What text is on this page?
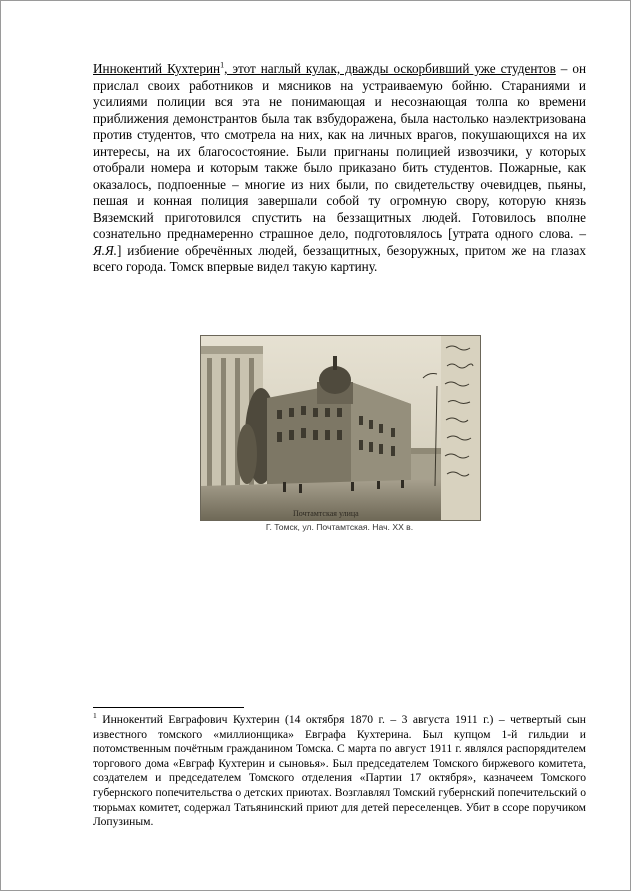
Иннокентий Кухтерин$^1$, этот наглый кулак, дважды оскорбивший уже студентов – он прислал своих работников и мясников на устраиваемую бойню. Стараниями и усилиями полиции вся эта не понимающая и несознающая толпа ко времени приближения демонстрантов была так взбудоражена, была настолько наэлектризована против студентов, что смотрела на них, как на личных врагов, покушающихся на их интересы, на их благосостояние. Были пригнаны полицией извозчики, у которых отобрали номера и которым также было приказано бить студентов. Пожарные, как оказалось, подпоенные – многие из них были, по свидетельству очевидцев, пьяны, пешая и конная полиция завершали собой ту огромную свору, которую князь Вяземский приготовился спустить на беззащитных людей. Готовилось вполне сознательно преднамеренно страшное дело, подготовлялось [утрата одного слова. – Я.Я.] избиение обречённых людей, беззащитных, безоружных, притом же на глазах всего города. Томск впервые видел такую картину.

Почтамтская улица

Г. Томск, ул. Почтамтская. Нач. XX в.

$^1$ Иннокентий Евграфович Кухтерин (14 октября 1870 г. – 3 августа 1911 г.) – четвертый сын известного томского «миллионщика» Евграфа Кухтерина. Был купцом 1-й гильдии и потомственным почётным гражданином Томска. С марта по август 1911 г. являлся распорядителем торгового дома «Евграф Кухтерин и сыновья». Был председателем Томского биржевого комитета, создателем и председателем Томского отделения «Партии 17 октября», казначеем Томского губернского попечительства о детских приютах. Возглавлял Томский губернский попечительский о тюрьмах комитет, содержал Татьянинский приют для детей переселенцев. Убит в ссоре поручиком Лопузиным.
